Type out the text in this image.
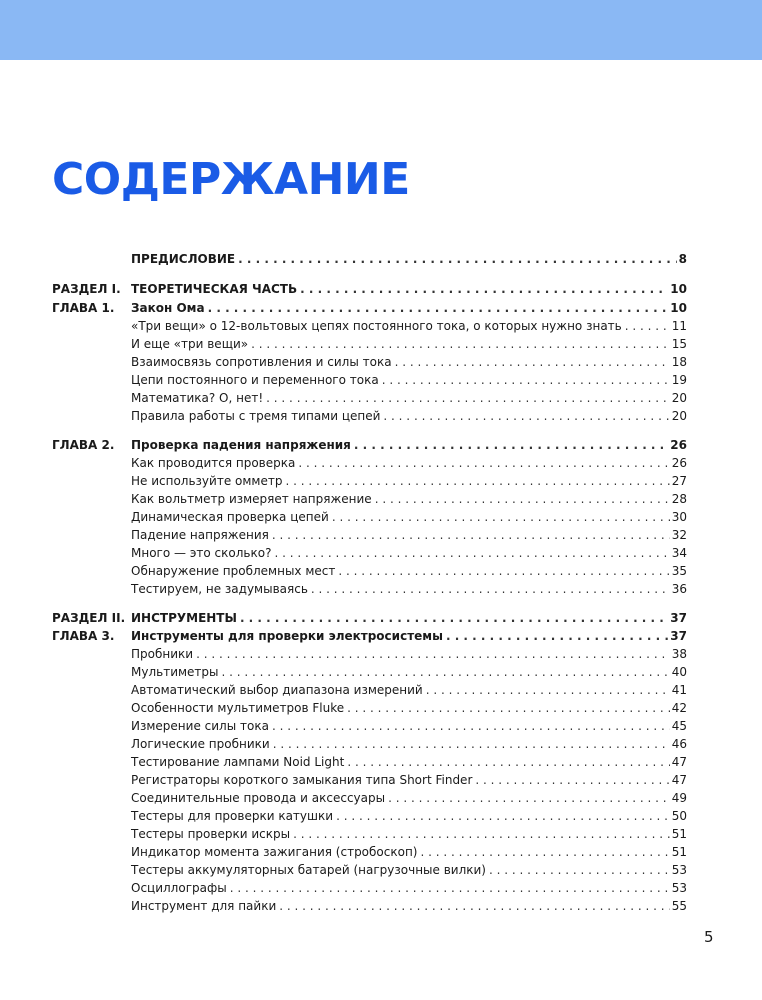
СОДЕРЖАНИЕ
ПРЕДИСЛОВИЕ . . .	8
РАЗДЕЛ I. ТЕОРЕТИЧЕСКАЯ ЧАСТЬ . . .	10
ГЛАВА 1. Закон Ома . . .	10
«Три вещи» о 12-вольтовых цепях постоянного тока, о которых нужно знать . . .	11
И еще «три вещи» . . .	15
Взаимосвязь сопротивления и силы тока . . .	18
Цепи постоянного и переменного тока . . .	19
Математика? О, нет! . . .	20
Правила работы с тремя типами цепей . . .	20
ГЛАВА 2. Проверка падения напряжения . . .	26
Как проводится проверка . . .	26
Не используйте омметр . . .	27
Как вольтметр измеряет напряжение . . .	28
Динамическая проверка цепей . . .	30
Падение напряжения . . .	32
Много — это сколько? . . .	34
Обнаружение проблемных мест . . .	35
Тестируем, не задумываясь . . .	36
РАЗДЕЛ II. ИНСТРУМЕНТЫ . . .	37
ГЛАВА 3. Инструменты для проверки электросистемы . . .	37
Пробники . . .	38
Мультиметры . . .	40
Автоматический выбор диапазона измерений . . .	41
Особенности мультиметров Fluke . . .	42
Измерение силы тока . . .	45
Логические пробники . . .	46
Тестирование лампами Noid Light . . .	47
Регистраторы короткого замыкания типа Short Finder . . .	47
Соединительные провода и аксессуары . . .	49
Тестеры для проверки катушки . . .	50
Тестеры проверки искры . . .	51
Индикатор момента зажигания (стробоскоп) . . .	51
Тестеры аккумуляторных батарей (нагрузочные вилки) . . .	53
Осциллографы . . .	53
Инструмент для пайки . . .	55
5
